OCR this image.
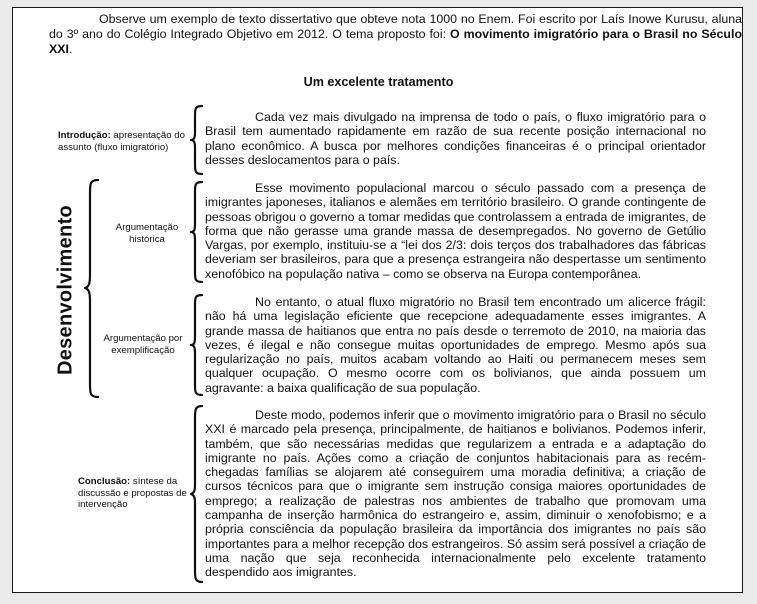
Observe um exemplo de texto dissertativo que obteve nota 1000 no Enem. Foi escrito por Laís Inowe Kurusu, aluna do 3º ano do Colégio Integrado Objetivo em 2012. O tema proposto foi: O movimento imigratório para o Brasil no Século XXI.
Um excelente tratamento
Introdução: apresentação do assunto (fluxo imigratório)

Cada vez mais divulgado na imprensa de todo o país, o fluxo imigratório para o Brasil tem aumentado rapidamente em razão de sua recente posição internacional no plano econômico. A busca por melhores condições financeiras é o principal orientador desses deslocamentos para o país.

Desenvolvimento	Argumentação histórica

Esse movimento populacional marcou o século passado com a presença de imigrantes japoneses, italianos e alemães em território brasileiro. O grande contingente de pessoas obrigou o governo a tomar medidas que controlassem a entrada de imigrantes, de forma que não gerasse uma grande massa de desempregados. No governo de Getúlio Vargas, por exemplo, instituiu-se a “lei dos 2/3: dois terços dos trabalhadores das fábricas deveriam ser brasileiros, para que a presença estrangeira não despertasse um sentimento xenofóbico na população nativa – como se observa na Europa contemporânea.

Argumentação por exemplificação

No entanto, o atual fluxo migratório no Brasil tem encontrado um alicerce frágil: não há uma legislação eficiente que recepcione adequadamente esses imigrantes. A grande massa de haitianos que entra no país desde o terremoto de 2010, na maioria das vezes, é ilegal e não consegue muitas oportunidades de emprego. Mesmo após sua regularização no país, muitos acabam voltando ao Haiti ou permanecem meses sem qualquer ocupação. O mesmo ocorre com os bolivianos, que ainda possuem um agravante: a baixa qualificação de sua população.

Conclusão: síntese da discussão e propostas de intervenção

Deste modo, podemos inferir que o movimento imigratório para o Brasil no século XXI é marcado pela presença, principalmente, de haitianos e bolivianos. Podemos inferir, também, que são necessárias medidas que regularizem a entrada e a adaptação do imigrante no país. Ações como a criação de conjuntos habitacionais para as recém-chegadas famílias se alojarem até conseguirem uma moradia definitiva; a criação de cursos técnicos para que o imigrante sem instrução consiga maiores oportunidades de emprego; a realização de palestras nos ambientes de trabalho que promovam uma campanha de inserção harmônica do estrangeiro e, assim, diminuir o xenofobismo; e a própria consciência da população brasileira da importância dos imigrantes no país são importantes para a melhor recepção dos estrangeiros. Só assim será possível a criação de uma nação que seja reconhecida internacionalmente pelo excelente tratamento despendido aos imigrantes.
